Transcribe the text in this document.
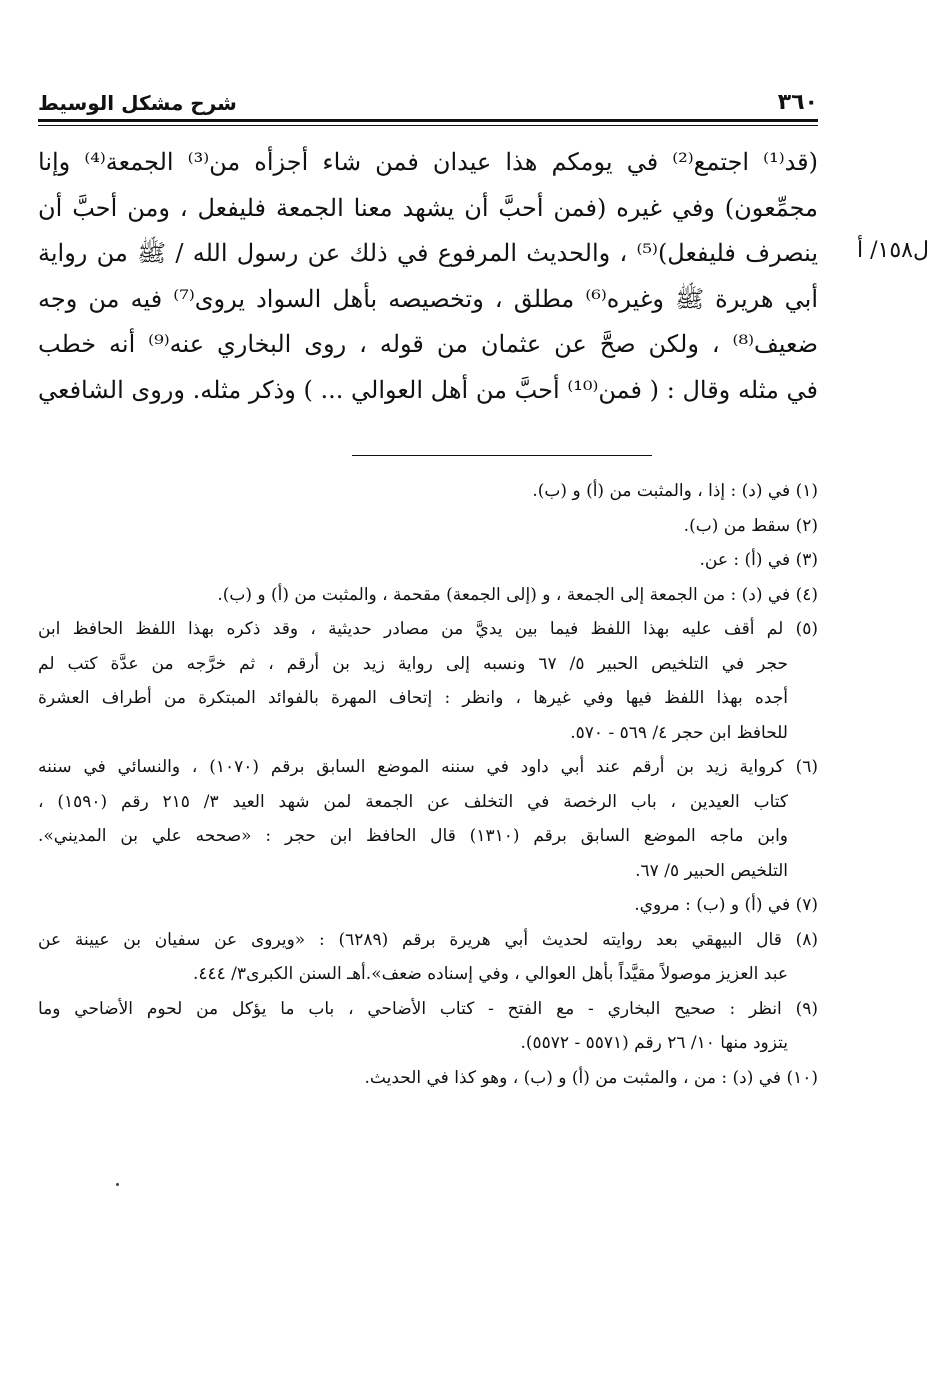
٣٦٠
شرح مشكل الوسيط
(قد⁽¹⁾ اجتمع⁽²⁾ في يومكم هذا عيدان فمن شاء أجزأه من⁽³⁾ الجمعة⁽⁴⁾ وإنا
مجمِّعون) وفي غيره (فمن أحبَّ أن يشهد معنا الجمعة فليفعل ، ومن أحبَّ أن
ينصرف فليفعل)⁽⁵⁾ ، والحديث المرفوع في ذلك عن رسول الله / ﷺ من رواية
أبي هريرة ﷺ وغيره⁽⁶⁾ مطلق ، وتخصيصه بأهل السواد يروى⁽⁷⁾ فيه من وجه
ضعيف⁽⁸⁾ ، ولكن صحَّ عن عثمان من قوله ، روى البخاري عنه⁽⁹⁾ أنه خطب
في مثله وقال : ( فمن⁽¹⁰⁾ أحبَّ من أهل العوالي ... ) وذكر مثله. وروى الشافعي
(١) في (د) : إذا ، والمثبت من (أ) و (ب).
(٢) سقط من (ب).
(٣) في (أ) : عن.
(٤) في (د) : من الجمعة إلى الجمعة ، و (إلى الجمعة) مقحمة ، والمثبت من (أ) و (ب).
(٥) لم أقف عليه بهذا اللفظ فيما بين يديَّ من مصادر حديثية ، وقد ذكره بهذا اللفظ الحافظ ابن
حجر في التلخيص الحبير ٥/ ٦٧ ونسبه إلى رواية زيد بن أرقم ، ثم خرَّجه من عدَّة كتب لم
أجده بهذا اللفظ فيها وفي غيرها ، وانظر : إتحاف المهرة بالفوائد المبتكرة من أطراف العشرة
للحافظ ابن حجر ٤/ ٥٦٩ - ٥٧٠.
(٦) كرواية زيد بن أرقم عند أبي داود في سننه الموضع السابق برقم (١٠٧٠) ، والنسائي في سننه
كتاب العيدين ، باب الرخصة في التخلف عن الجمعة لمن شهد العيد ٣/ ٢١٥ رقم (١٥٩٠) ،
وابن ماجه الموضع السابق برقم (١٣١٠) قال الحافظ ابن حجر : «صححه علي بن المديني».
التلخيص الحبير ٥/ ٦٧.
(٧) في (أ) و (ب) : مروي.
(٨) قال البيهقي بعد روايته لحديث أبي هريرة برقم (٦٢٨٩) : «ويروى عن سفيان بن عيينة عن
عبد العزيز موصولاً مقيَّداً بأهل العوالي ، وفي إسناده ضعف».أهـ السنن الكبرى٣/ ٤٤٤.
(٩) انظر : صحيح البخاري - مع الفتح - كتاب الأضاحي ، باب ما يؤكل من لحوم الأضاحي وما
يتزود منها ١٠/ ٢٦ رقم (٥٥٧١ - ٥٥٧٢).
(١٠) في (د) : من ، والمثبت من (أ) و (ب) ، وهو كذا في الحديث.
ل١٥٨/ أ
